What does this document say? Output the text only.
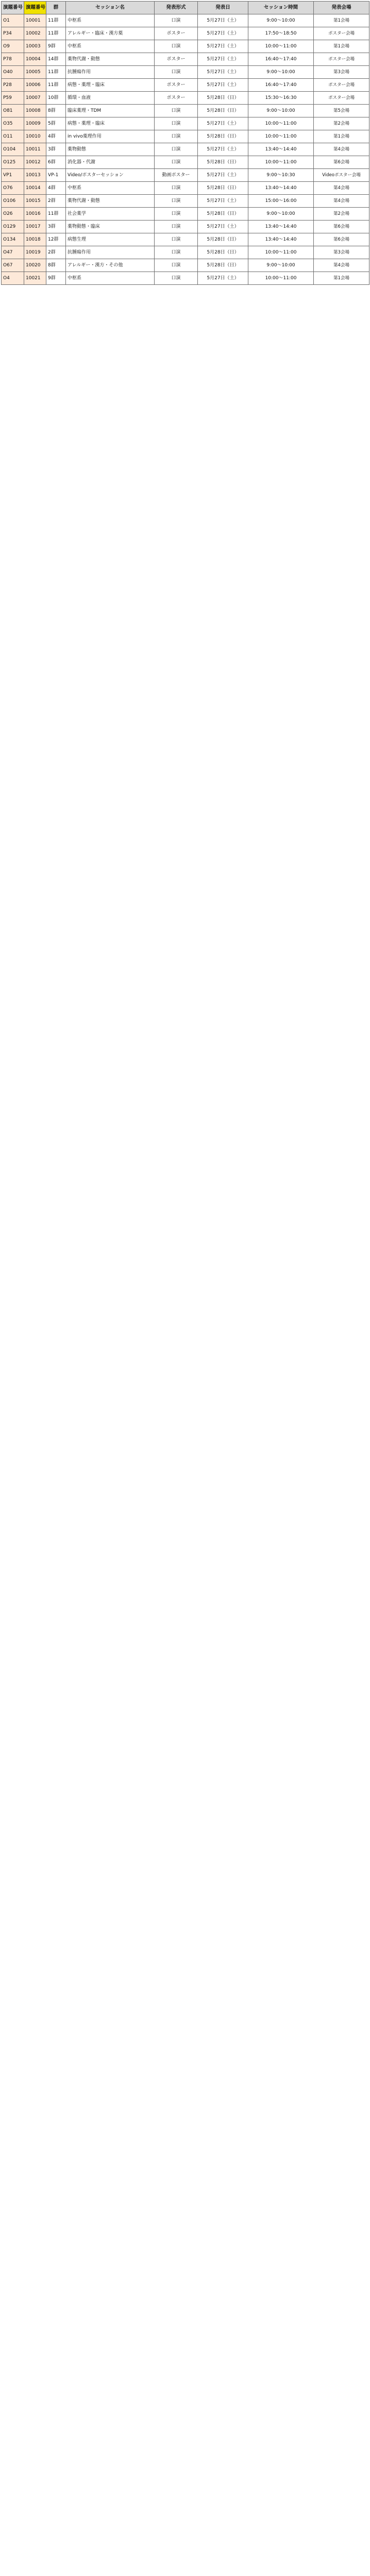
演題番号	演題番号	群	セッション名	発表形式	発表日	セッション時間	発表会場
O1	10001	11群	中枢系	口演	5月27日（土）	9:00〜10:00	第1会場
P34	10002	11群	アレルギー・臨床・漢方薬	ポスター	5月27日（土）	17:50〜18:50	ポスター会場
O9	10003	9群	中枢系	口演	5月27日（土）	10:00〜11:00	第1会場
P78	10004	14群	薬物代謝・動態	ポスター	5月27日（土）	16:40〜17:40	ポスター会場
O40	10005	11群	抗腫瘍作用	口演	5月27日（土）	9:00〜10:00	第3会場
P28	10006	11群	病態・薬理・臨床	ポスター	5月27日（土）	16:40〜17:40	ポスター会場
P59	10007	10群	循環・血液	ポスター	5月28日（日）	15:30〜16:30	ポスター会場
O81	10008	8群	臨床薬理・TDM	口演	5月28日（日）	9:00〜10:00	第5会場
O35	10009	5群	病態・薬理・臨床	口演	5月27日（土）	10:00〜11:00	第2会場
O11	10010	4群	in vivo薬理作用	口演	5月28日（日）	10:00〜11:00	第1会場
O104	10011	3群	薬物動態	口演	5月27日（土）	13:40〜14:40	第4会場
O125	10012	6群	消化器・代謝	口演	5月28日（日）	10:00〜11:00	第6会場
VP1	10013	VP-1	Video/ポスターセッション	動画ポスター	5月27日（土）	9:00〜10:30	Videoポスター会場
O76	10014	4群	中枢系	口演	5月28日（日）	13:40〜14:40	第4会場
O106	10015	2群	薬物代謝・動態	口演	5月27日（土）	15:00〜16:00	第4会場
O26	10016	11群	社会薬学	口演	5月28日（日）	9:00〜10:00	第2会場
O129	10017	3群	薬物動態・臨床	口演	5月27日（土）	13:40〜14:40	第6会場
O134	10018	12群	病態生理	口演	5月28日（日）	13:40〜14:40	第6会場
O47	10019	2群	抗腫瘍作用	口演	5月28日（日）	10:00〜11:00	第3会場
O67	10020	8群	アレルギー・漢方・その他	口演	5月28日（日）	9:00〜10:00	第4会場
O4	10021	9群	中枢系	口演	5月27日（土）	10:00〜11:00	第1会場
